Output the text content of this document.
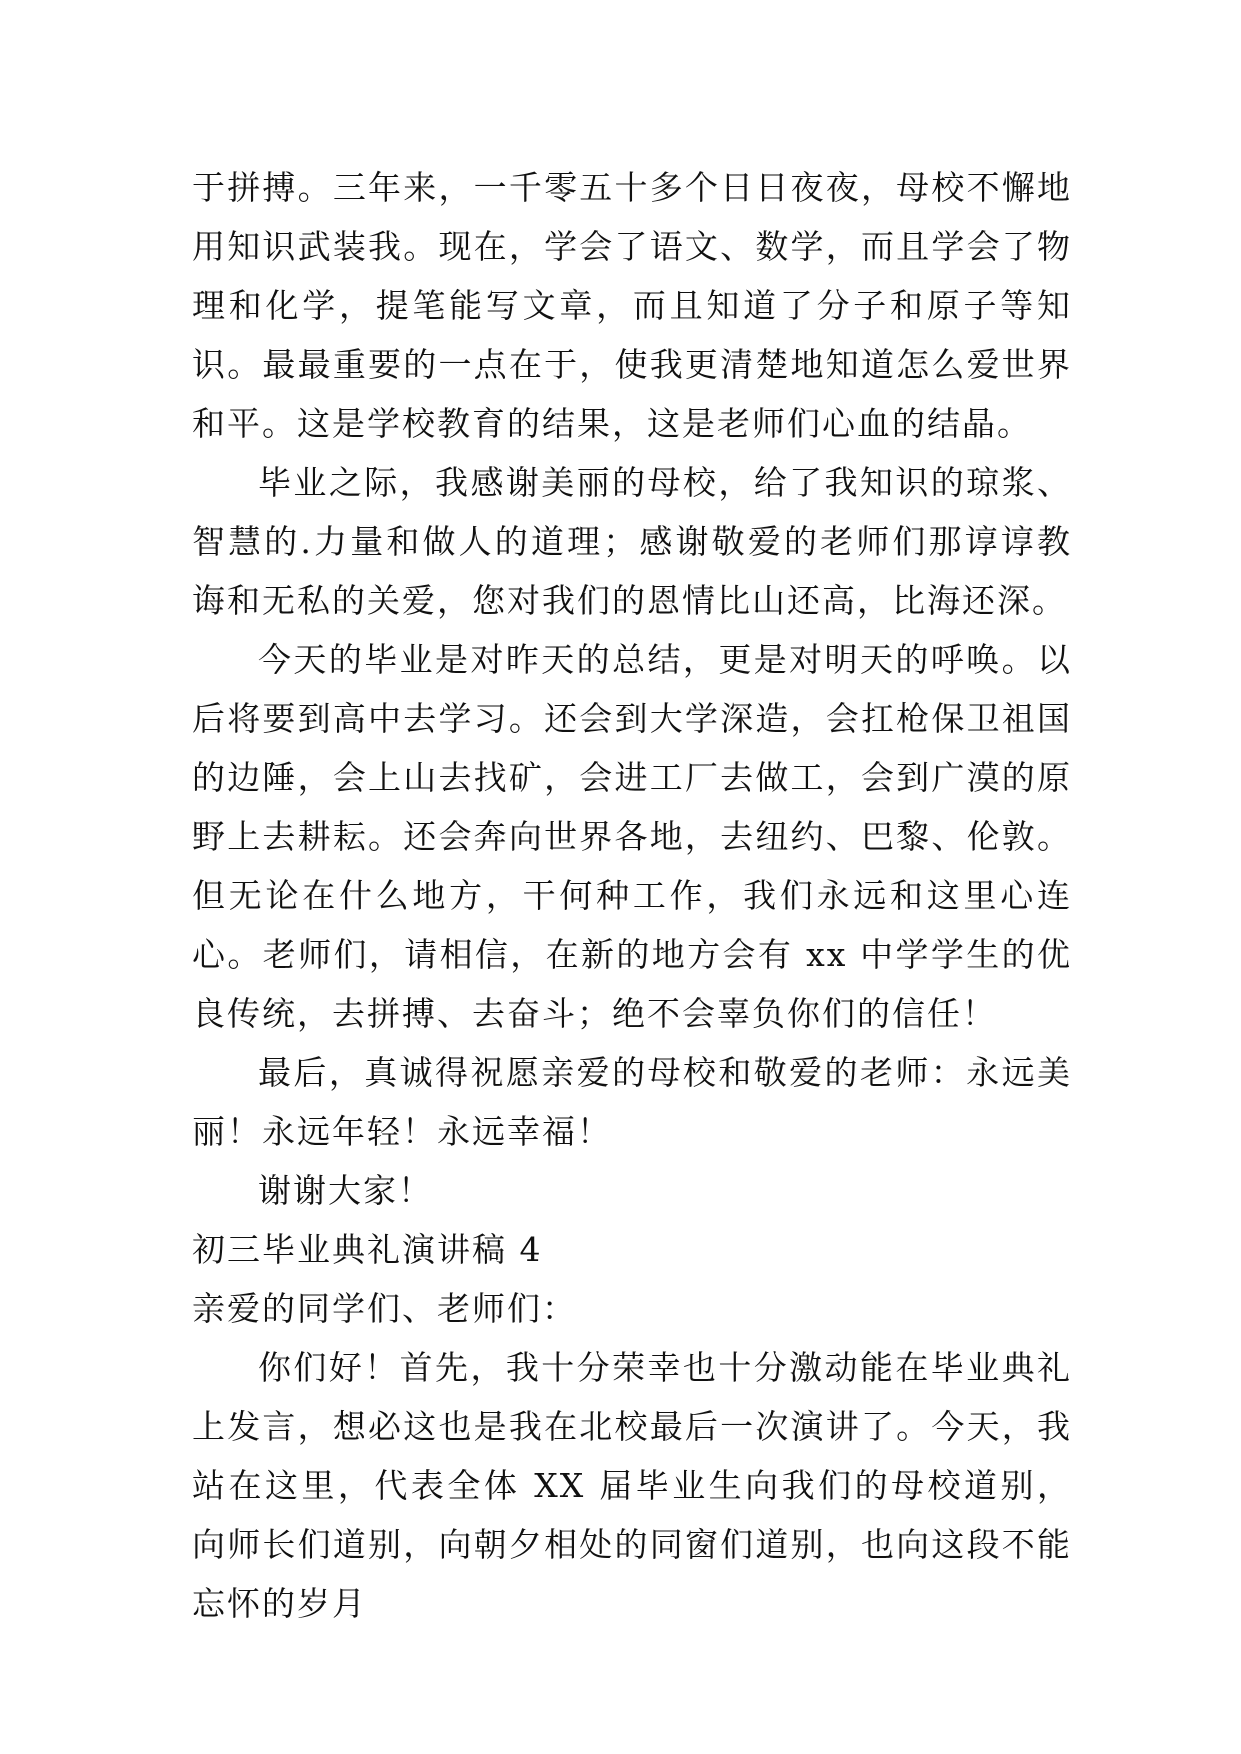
于拼搏。三年来，一千零五十多个日日夜夜，母校不懈地用知识武装我。现在，学会了语文、数学，而且学会了物理和化学，提笔能写文章，而且知道了分子和原子等知识。最最重要的一点在于，使我更清楚地知道怎么爱世界和平。这是学校教育的结果，这是老师们心血的结晶。

毕业之际，我感谢美丽的母校，给了我知识的琼浆、智慧的.力量和做人的道理；感谢敬爱的老师们那谆谆教诲和无私的关爱，您对我们的恩情比山还高，比海还深。

今天的毕业是对昨天的总结，更是对明天的呼唤。以后将要到高中去学习。还会到大学深造，会扛枪保卫祖国的边陲，会上山去找矿，会进工厂去做工，会到广漠的原野上去耕耘。还会奔向世界各地，去纽约、巴黎、伦敦。但无论在什么地方，干何种工作，我们永远和这里心连心。老师们，请相信，在新的地方会有 xx 中学学生的优良传统，去拼搏、去奋斗；绝不会辜负你们的信任！

最后，真诚得祝愿亲爱的母校和敬爱的老师：永远美丽！永远年轻！永远幸福！

谢谢大家！

初三毕业典礼演讲稿 4

亲爱的同学们、老师们：

你们好！首先，我十分荣幸也十分激动能在毕业典礼上发言，想必这也是我在北校最后一次演讲了。今天，我站在这里，代表全体 XX 届毕业生向我们的母校道别，向师长们道别，向朝夕相处的同窗们道别，也向这段不能忘怀的岁月
